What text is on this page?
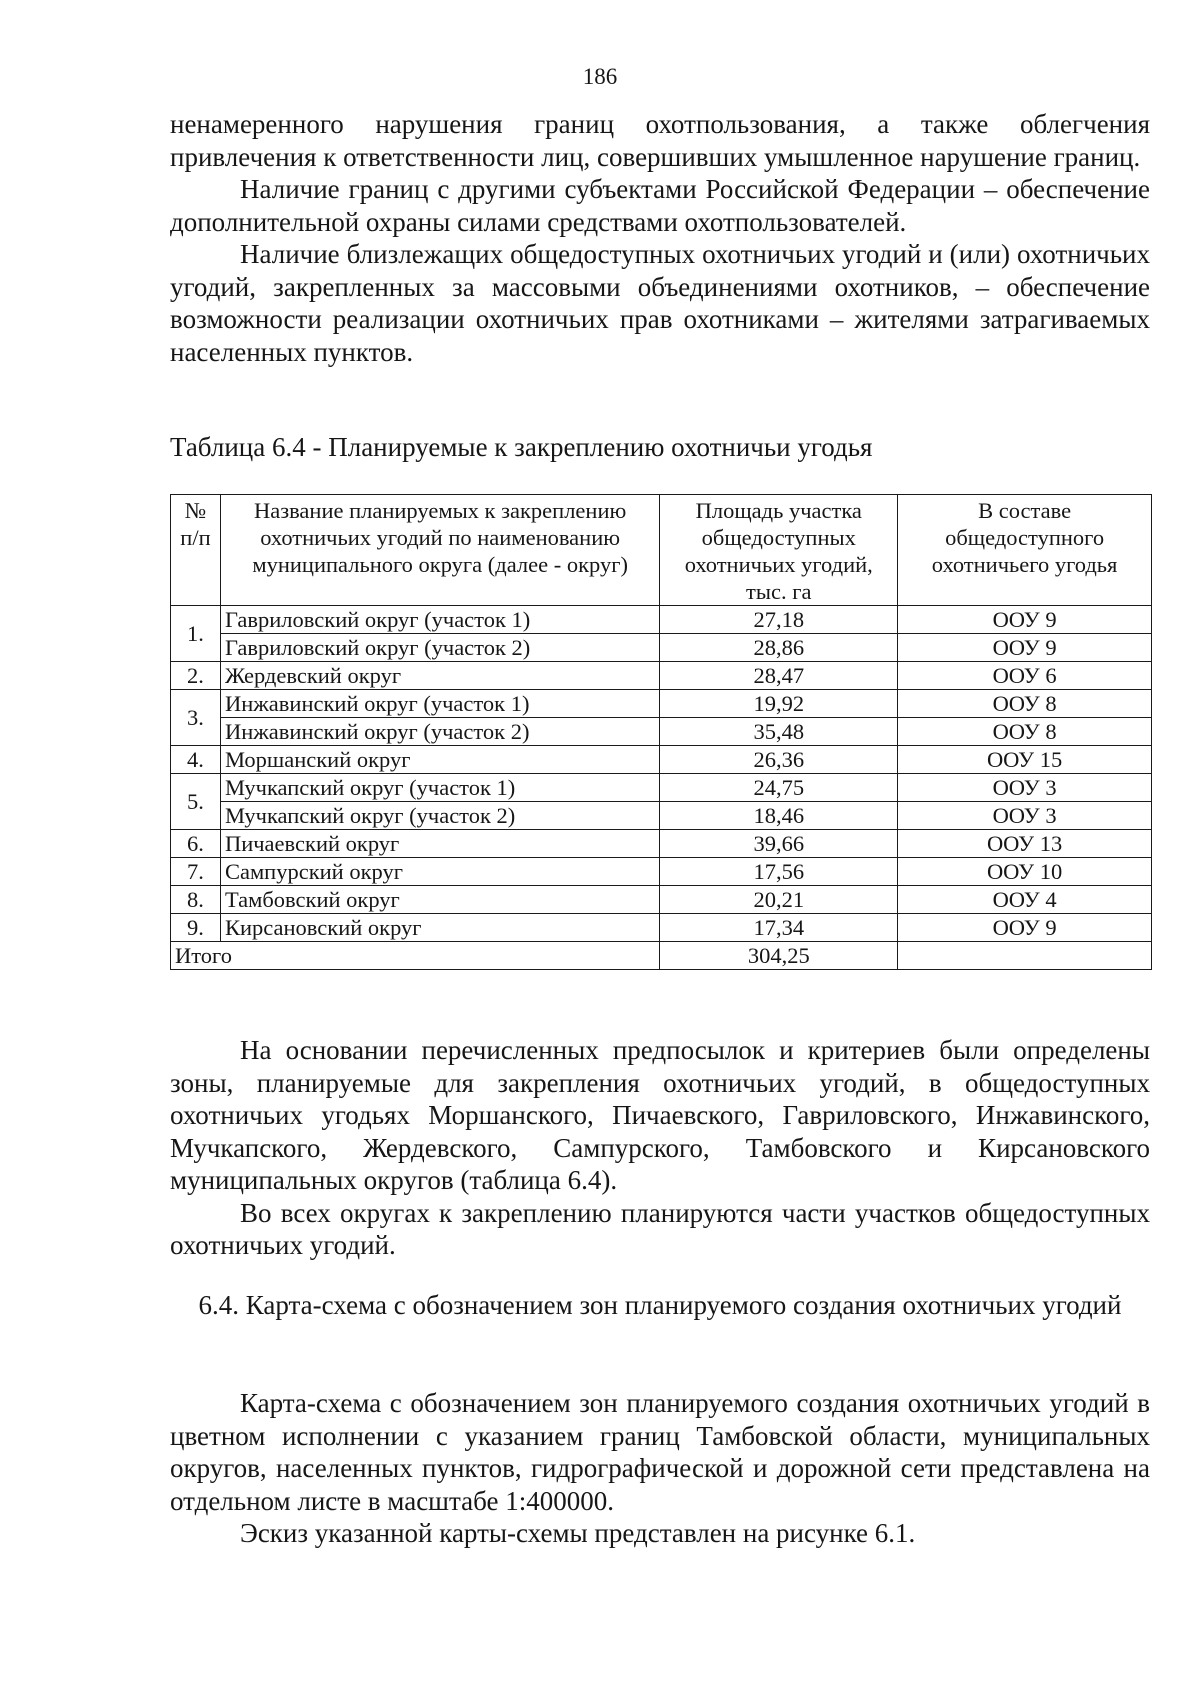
186

ненамеренного нарушения границ охотпользования, а также облегчения привлечения к ответственности лиц, совершивших умышленное нарушение границ.

Наличие границ с другими субъектами Российской Федерации – обеспечение дополнительной охраны силами средствами охотпользователей.

Наличие близлежащих общедоступных охотничьих угодий и (или) охотничьих угодий, закрепленных за массовыми объединениями охотников, – обеспечение возможности реализации охотничьих прав охотниками – жителями затрагиваемых населенных пунктов.

Таблица 6.4 - Планируемые к закреплению охотничьи угодья
№ п/п	Название планируемых к закреплению охотничьих угодий по наименованию муниципального округа (далее - округ)	Площадь участка общедоступных охотничьих угодий, тыс. га	В составе общедоступного охотничьего угодья
1.	Гавриловский округ (участок 1)	27,18	ООУ 9
	Гавриловский округ (участок 2)	28,86	ООУ 9
2.	Жердевский округ	28,47	ООУ 6
3.	Инжавинский округ (участок 1)	19,92	ООУ 8
	Инжавинский округ (участок 2)	35,48	ООУ 8
4.	Моршанский округ	26,36	ООУ 15
5.	Мучкапский округ (участок 1)	24,75	ООУ 3
	Мучкапский округ (участок 2)	18,46	ООУ 3
6.	Пичаевский округ	39,66	ООУ 13
7.	Сампурский округ	17,56	ООУ 10
8.	Тамбовский округ	20,21	ООУ 4
9.	Кирсановский округ	17,34	ООУ 9
Итого		304,25	

На основании перечисленных предпосылок и критериев были определены зоны, планируемые для закрепления охотничьих угодий, в общедоступных охотничьих угодьях Моршанского, Пичаевского, Гавриловского, Инжавинского, Мучкапского, Жердевского, Сампурского, Тамбовского и Кирсановского муниципальных округов (таблица 6.4).

Во всех округах к закреплению планируются части участков общедоступных охотничьих угодий.

6.4. Карта-схема с обозначением зон планируемого создания охотничьих угодий

Карта-схема с обозначением зон планируемого создания охотничьих угодий в цветном исполнении с указанием границ Тамбовской области, муниципальных округов, населенных пунктов, гидрографической и дорожной сети представлена на отдельном листе в масштабе 1:400000.

Эскиз указанной карты-схемы представлен на рисунке 6.1.
